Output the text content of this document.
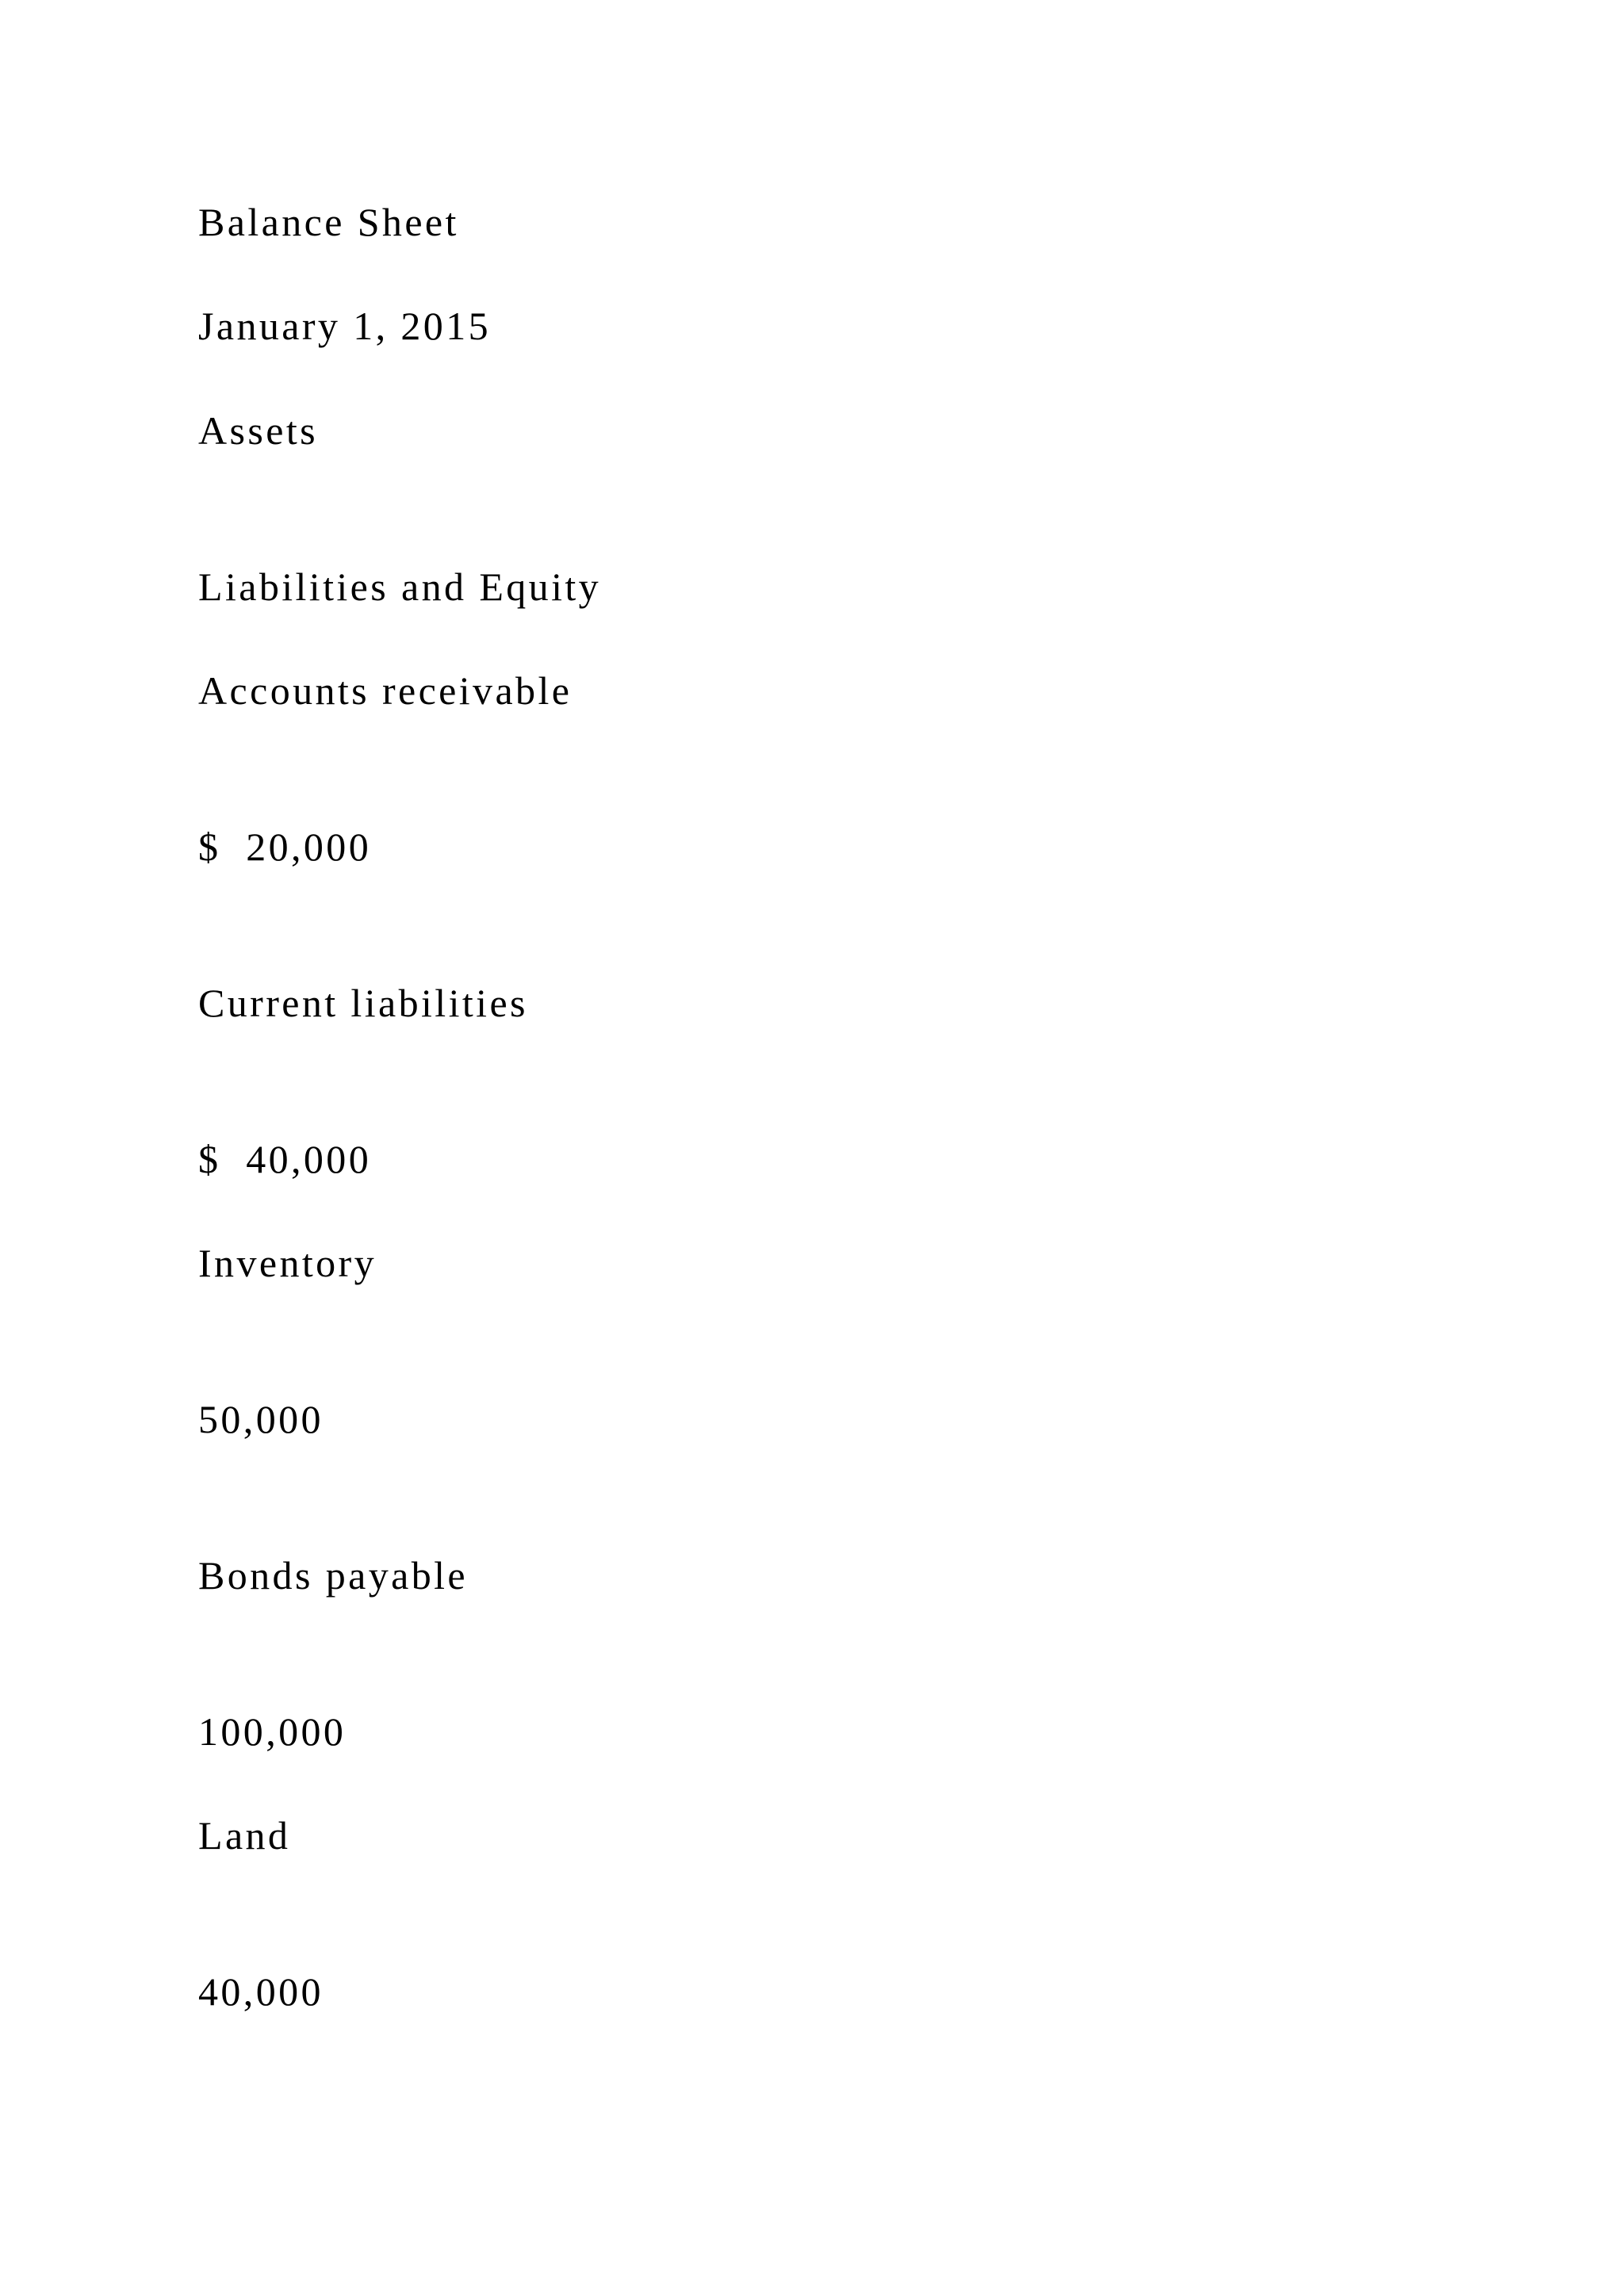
Balance Sheet

January 1, 2015

Assets

Liabilities and Equity

Accounts receivable

$  20,000

Current liabilities

$  40,000

Inventory

50,000

Bonds payable

100,000

Land

40,000
